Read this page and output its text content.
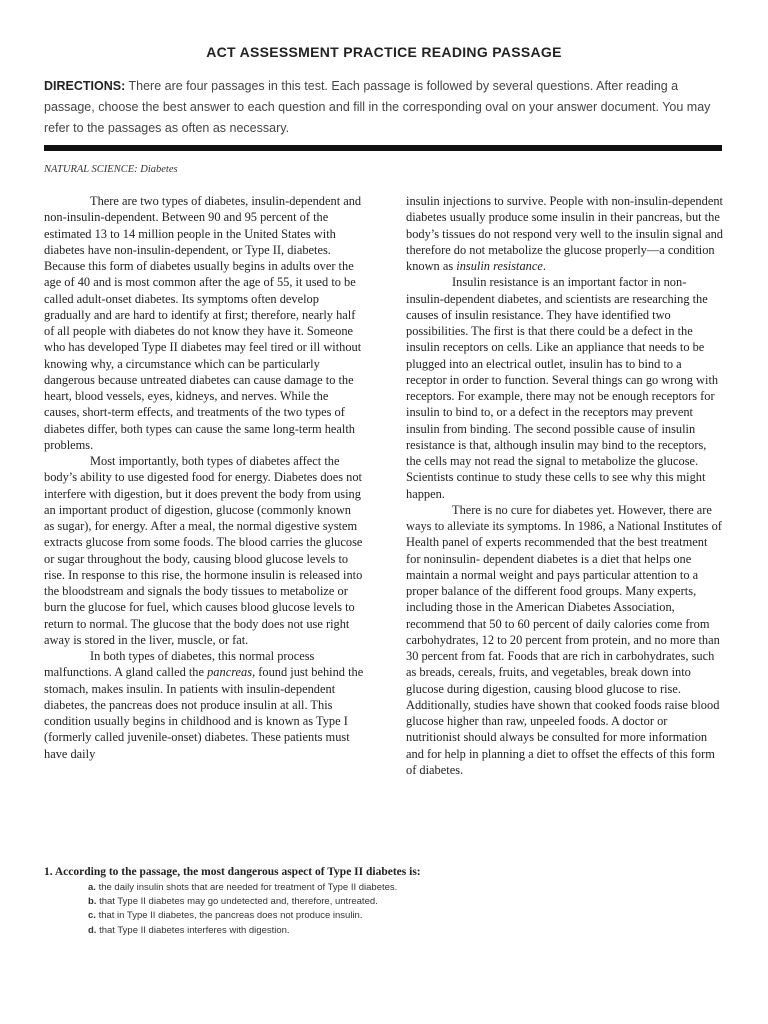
ACT ASSESSMENT PRACTICE READING PASSAGE
DIRECTIONS: There are four passages in this test. Each passage is followed by several questions. After reading a passage, choose the best answer to each question and fill in the corresponding oval on your answer document. You may refer to the passages as often as necessary.
NATURAL SCIENCE: Diabetes

There are two types of diabetes, insulin-dependent and non-insulin-dependent. Between 90 and 95 percent of the estimated 13 to 14 million people in the United States with diabetes have non-insulin-dependent, or Type II, diabetes. Because this form of diabetes usually begins in adults over the age of 40 and is most common after the age of 55, it used to be called adult-onset diabetes. Its symptoms often develop gradually and are hard to identify at first; therefore, nearly half of all people with diabetes do not know they have it. Someone who has developed Type II diabetes may feel tired or ill without knowing why, a circumstance which can be particularly dangerous because untreated diabetes can cause damage to the heart, blood vessels, eyes, kidneys, and nerves. While the causes, short-term effects, and treatments of the two types of diabetes differ, both types can cause the same long-term health problems.

Most importantly, both types of diabetes affect the body’s ability to use digested food for energy. Diabetes does not interfere with digestion, but it does prevent the body from using an important product of digestion, glucose (commonly known as sugar), for energy. After a meal, the normal digestive system extracts glucose from some foods. The blood carries the glucose or sugar throughout the body, causing blood glucose levels to rise. In response to this rise, the hormone insulin is released into the bloodstream and signals the body tissues to metabolize or burn the glucose for fuel, which causes blood glucose levels to return to normal. The glucose that the body does not use right away is stored in the liver, muscle, or fat.

In both types of diabetes, this normal process malfunctions. A gland called the pancreas, found just behind the stomach, makes insulin. In patients with insulin-dependent diabetes, the pancreas does not produce insulin at all. This condition usually begins in childhood and is known as Type I (formerly called juvenile-onset) diabetes. These patients must have daily

insulin injections to survive. People with non-insulin-dependent diabetes usually produce some insulin in their pancreas, but the body’s tissues do not respond very well to the insulin signal and therefore do not metabolize the glucose properly—a condition known as insulin resistance.

Insulin resistance is an important factor in non-insulin-dependent diabetes, and scientists are researching the causes of insulin resistance. They have identified two possibilities. The first is that there could be a defect in the insulin receptors on cells. Like an appliance that needs to be plugged into an electrical outlet, insulin has to bind to a receptor in order to function. Several things can go wrong with receptors. For example, there may not be enough receptors for insulin to bind to, or a defect in the receptors may prevent insulin from binding. The second possible cause of insulin resistance is that, although insulin may bind to the receptors, the cells may not read the signal to metabolize the glucose. Scientists continue to study these cells to see why this might happen.

There is no cure for diabetes yet. However, there are ways to alleviate its symptoms. In 1986, a National Institutes of Health panel of experts recommended that the best treatment for noninsulin- dependent diabetes is a diet that helps one maintain a normal weight and pays particular attention to a proper balance of the different food groups. Many experts, including those in the American Diabetes Association, recommend that 50 to 60 percent of daily calories come from carbohydrates, 12 to 20 percent from protein, and no more than 30 percent from fat. Foods that are rich in carbohydrates, such as breads, cereals, fruits, and vegetables, break down into glucose during digestion, causing blood glucose to rise. Additionally, studies have shown that cooked foods raise blood glucose higher than raw, unpeeled foods. A doctor or nutritionist should always be consulted for more information and for help in planning a diet to offset the effects of this form of diabetes.

1. According to the passage, the most dangerous aspect of Type II diabetes is:

a. the daily insulin shots that are needed for treatment of Type II diabetes.
b. that Type II diabetes may go undetected and, therefore, untreated.
c. that in Type II diabetes, the pancreas does not produce insulin.
d. that Type II diabetes interferes with digestion.
